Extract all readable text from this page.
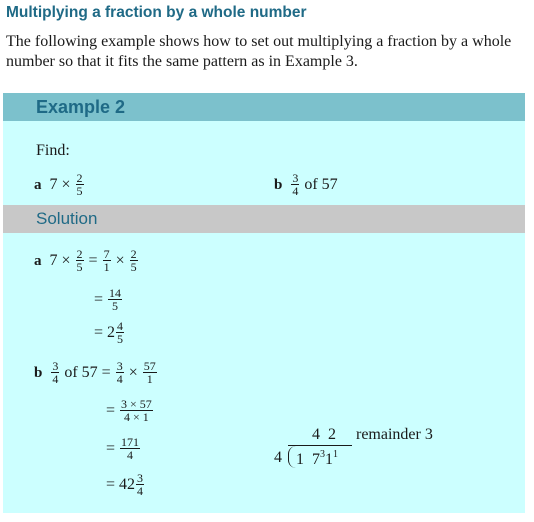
Multiplying a fraction by a whole number
The following example shows how to set out multiplying a fraction by a whole number so that it fits the same pattern as in Example 3.
Example 2
Find:
a $7 \times \frac{2}{5}$	b $\frac{3}{4}$ of 57
Solution
a $7 \times \frac{2}{5} = \frac{7}{1} \times \frac{2}{5}$
= $\frac{14}{5}$
= $2 \frac{4}{5}$
b $\frac{3}{4}$ of $57 = \frac{3}{4} \times \frac{57}{1}$
= $\frac{3 \times 57}{4 \times 1}$
= $\frac{171}{4}$
= $42 \frac{3}{4}$
4  2 remainder 3
4 1 $7^31^1$
